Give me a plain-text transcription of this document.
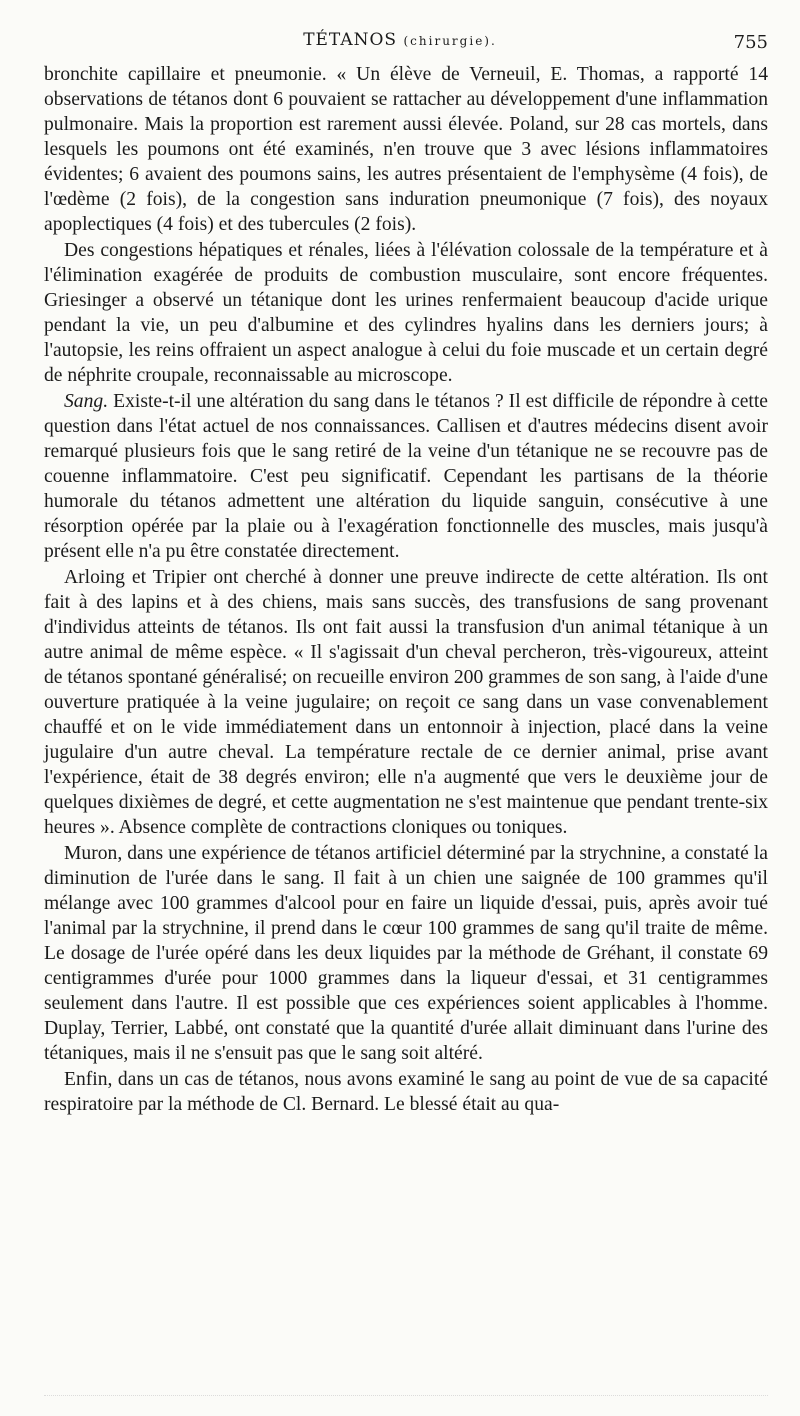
TÉTANOS (chirurgie).	755

bronchite capillaire et pneumonie. « Un élève de Verneuil, E. Thomas, a rapporté 14 observations de tétanos dont 6 pouvaient se rattacher au développement d'une inflammation pulmonaire. Mais la proportion est rarement aussi élevée. Poland, sur 28 cas mortels, dans lesquels les poumons ont été examinés, n'en trouve que 3 avec lésions inflammatoires évidentes; 6 avaient des poumons sains, les autres présentaient de l'emphysème (4 fois), de l'œdème (2 fois), de la congestion sans induration pneumonique (7 fois), des noyaux apoplectiques (4 fois) et des tubercules (2 fois).

Des congestions hépatiques et rénales, liées à l'élévation colossale de la température et à l'élimination exagérée de produits de combustion musculaire, sont encore fréquentes. Griesinger a observé un tétanique dont les urines renfermaient beaucoup d'acide urique pendant la vie, un peu d'albumine et des cylindres hyalins dans les derniers jours; à l'autopsie, les reins offraient un aspect analogue à celui du foie muscade et un certain degré de néphrite croupale, reconnaissable au microscope.

Sang. Existe-t-il une altération du sang dans le tétanos ? Il est difficile de répondre à cette question dans l'état actuel de nos connaissances. Callisen et d'autres médecins disent avoir remarqué plusieurs fois que le sang retiré de la veine d'un tétanique ne se recouvre pas de couenne inflammatoire. C'est peu significatif. Cependant les partisans de la théorie humorale du tétanos admettent une altération du liquide sanguin, consécutive à une résorption opérée par la plaie ou à l'exagération fonctionnelle des muscles, mais jusqu'à présent elle n'a pu être constatée directement.

Arloing et Tripier ont cherché à donner une preuve indirecte de cette altération. Ils ont fait à des lapins et à des chiens, mais sans succès, des transfusions de sang provenant d'individus atteints de tétanos. Ils ont fait aussi la transfusion d'un animal tétanique à un autre animal de même espèce. « Il s'agissait d'un cheval percheron, très-vigoureux, atteint de tétanos spontané généralisé; on recueille environ 200 grammes de son sang, à l'aide d'une ouverture pratiquée à la veine jugulaire; on reçoit ce sang dans un vase convenablement chauffé et on le vide immédiatement dans un entonnoir à injection, placé dans la veine jugulaire d'un autre cheval. La température rectale de ce dernier animal, prise avant l'expérience, était de 38 degrés environ; elle n'a augmenté que vers le deuxième jour de quelques dixièmes de degré, et cette augmentation ne s'est maintenue que pendant trente-six heures ». Absence complète de contractions cloniques ou toniques.

Muron, dans une expérience de tétanos artificiel déterminé par la strychnine, a constaté la diminution de l'urée dans le sang. Il fait à un chien une saignée de 100 grammes qu'il mélange avec 100 grammes d'alcool pour en faire un liquide d'essai, puis, après avoir tué l'animal par la strychnine, il prend dans le cœur 100 grammes de sang qu'il traite de même. Le dosage de l'urée opéré dans les deux liquides par la méthode de Gréhant, il constate 69 centigrammes d'urée pour 1000 grammes dans la liqueur d'essai, et 31 centigrammes seulement dans l'autre. Il est possible que ces expériences soient applicables à l'homme. Duplay, Terrier, Labbé, ont constaté que la quantité d'urée allait diminuant dans l'urine des tétaniques, mais il ne s'ensuit pas que le sang soit altéré.

Enfin, dans un cas de tétanos, nous avons examiné le sang au point de vue de sa capacité respiratoire par la méthode de Cl. Bernard. Le blessé était au qua-
